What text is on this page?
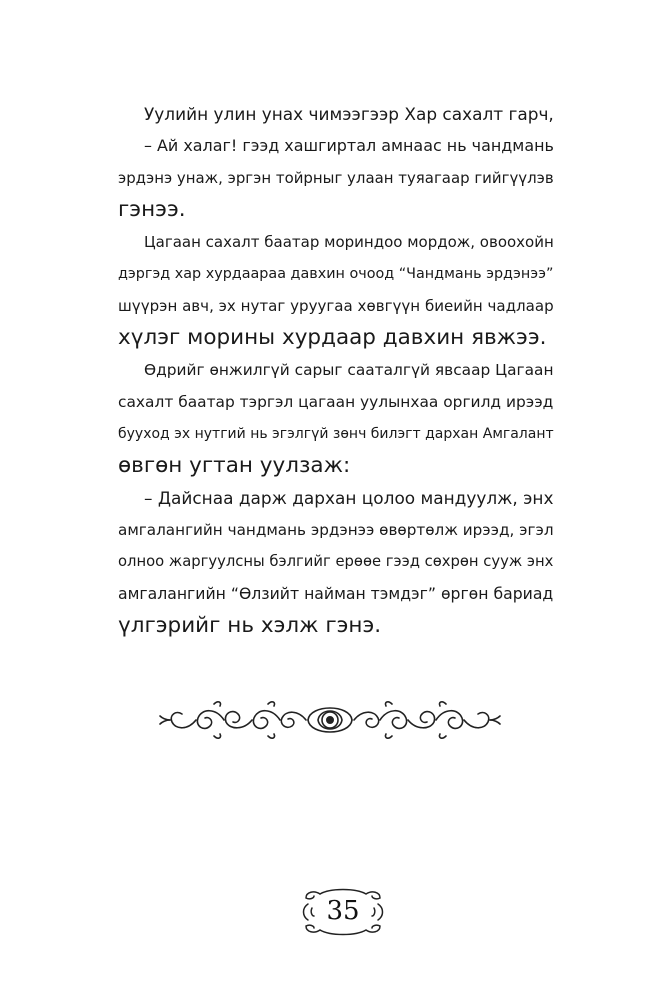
Уулийн улин унах чимээгээр Хар сахалт гарч,
– Ай халаг! гээд хашгиртал амнаас нь чандмань
эрдэнэ унаж, эргэн тойрныг улаан туяагаар гийгүүлэв
гэнээ.
Цагаан сахалт баатар мориндоо мордож, овоохойн
дэргэд хар хурдаараа давхин очоод “Чандмань эрдэнээ”
шүүрэн авч, эх нутаг уруугаа хөвгүүн биеийн чадлаар
хүлэг морины хурдаар давхин явжээ.
Өдрийг өнжилгүй сарыг сааталгүй явсаар Цагаан
сахалт баатар тэргэл цагаан уулынхаа оргилд ирээд
бууход эх нутгий нь эгэлгүй зөнч билэгт дархан Амгалант
өвгөн угтан уулзаж:
– Дайснаа дарж дархан цолоо мандуулж, энх
амгалангийн чандмань эрдэнээ өвөртөлж ирээд, эгэл
олноо жаргуулсны бэлгийг ерөөе гээд сөхрөн сууж энх
амгалангийн “Өлзийт найман тэмдэг” өргөн бариад
үлгэрийг нь хэлж гэнэ.
35
